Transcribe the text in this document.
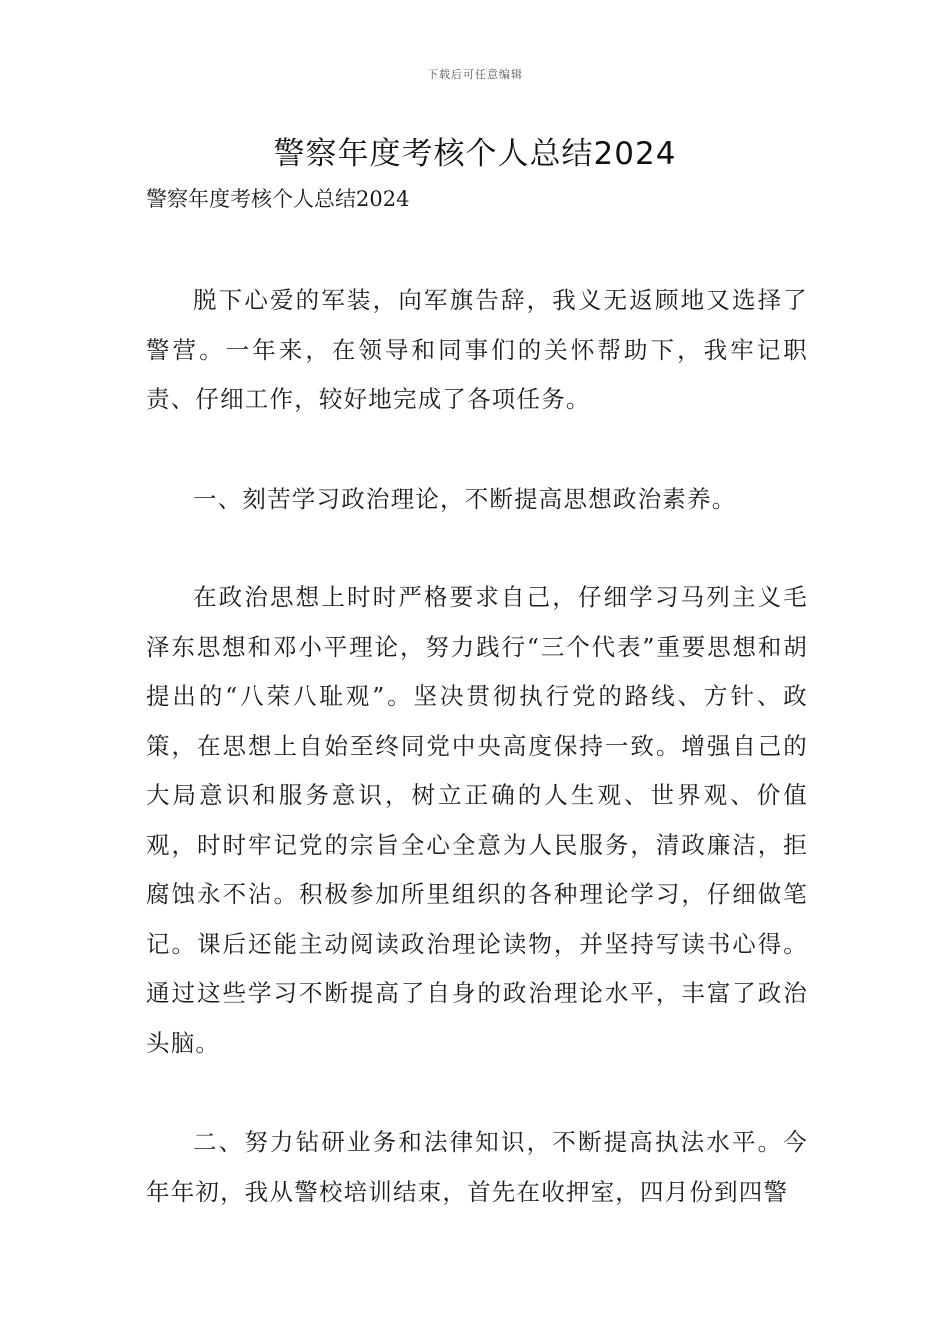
下载后可任意编辑
警察年度考核个人总结2024
警察年度考核个人总结2024

脱下心爱的军装，向军旗告辞，我义无返顾地又选择了警营。一年来，在领导和同事们的关怀帮助下，我牢记职责、仔细工作，较好地完成了各项任务。

一、刻苦学习政治理论，不断提高思想政治素养。

在政治思想上时时严格要求自己，仔细学习马列主义毛泽东思想和邓小平理论，努力践行“三个代表”重要思想和胡提出的“八荣八耻观”。坚决贯彻执行党的路线、方针、政策，在思想上自始至终同党中央高度保持一致。增强自己的大局意识和服务意识，树立正确的人生观、世界观、价值观，时时牢记党的宗旨全心全意为人民服务，清政廉洁，拒腐蚀永不沾。积极参加所里组织的各种理论学习，仔细做笔记。课后还能主动阅读政治理论读物，并坚持写读书心得。通过这些学习不断提高了自身的政治理论水平，丰富了政治头脑。

二、努力钻研业务和法律知识，不断提高执法水平。今年年初，我从警校培训结束，首先在收押室，四月份到四警
